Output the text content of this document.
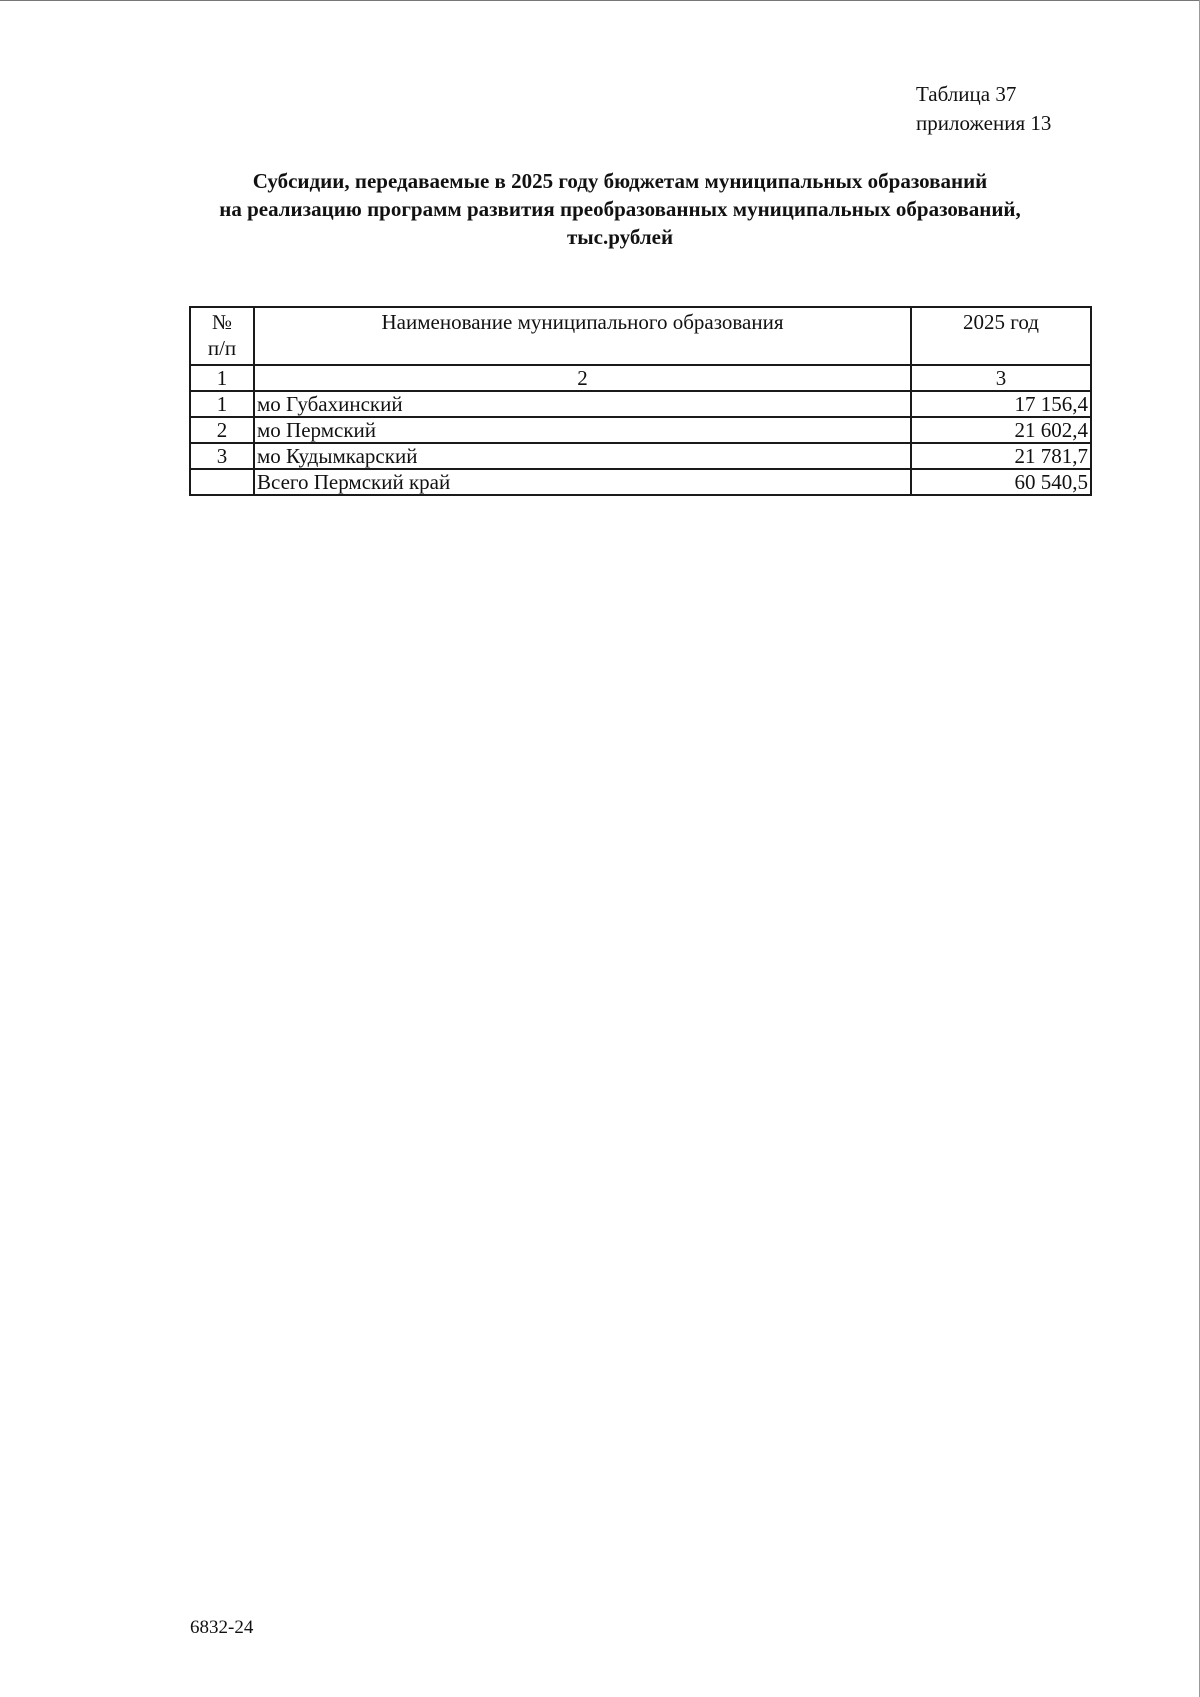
Таблица 37
приложения 13
Субсидии, передаваемые в 2025 году бюджетам муниципальных образований
на реализацию программ развития преобразованных муниципальных образований,
тыс.рублей
№
п/п	Наименование муниципального образования	2025 год
1	2	3
1	мо Губахинский	17 156,4
2	мо Пермский	21 602,4
3	мо Кудымкарский	21 781,7
	Всего Пермский край	60 540,5
6832-24
